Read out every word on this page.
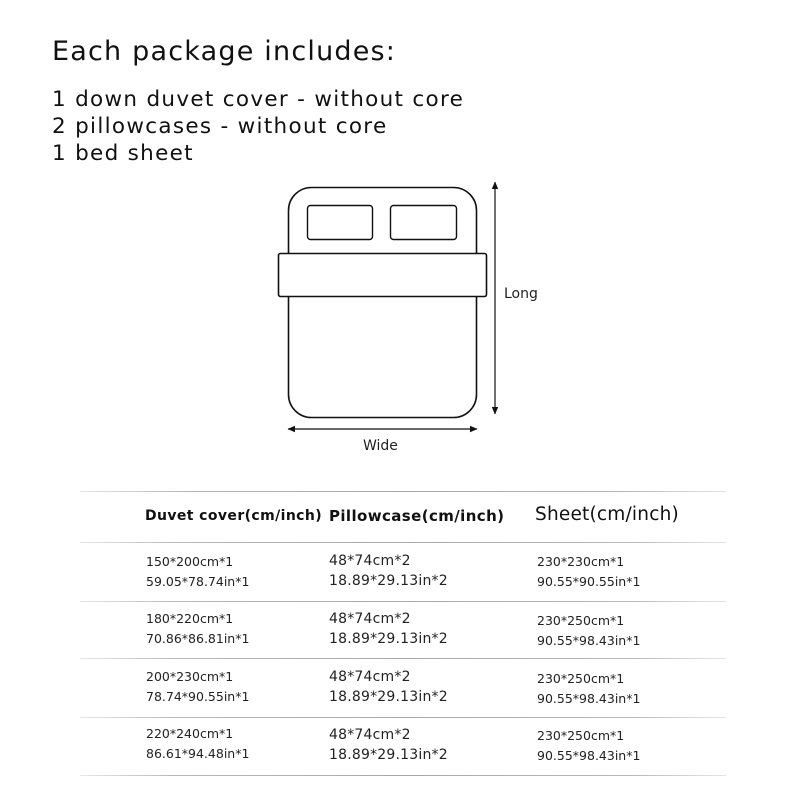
Each package includes:
1 down duvet cover - without core
2 pillowcases - without core
1 bed sheet
Long
Wide
Duvet cover(cm/inch) Pillowcase(cm/inch) Sheet(cm/inch)
150*200cm*1
59.05*78.74in*1
48*74cm*2
18.89*29.13in*2
230*230cm*1
90.55*90.55in*1
180*220cm*1
70.86*86.81in*1
48*74cm*2
18.89*29.13in*2
230*250cm*1
90.55*98.43in*1
200*230cm*1
78.74*90.55in*1
48*74cm*2
18.89*29.13in*2
230*250cm*1
90.55*98.43in*1
220*240cm*1
86.61*94.48in*1
48*74cm*2
18.89*29.13in*2
230*250cm*1
90.55*98.43in*1
